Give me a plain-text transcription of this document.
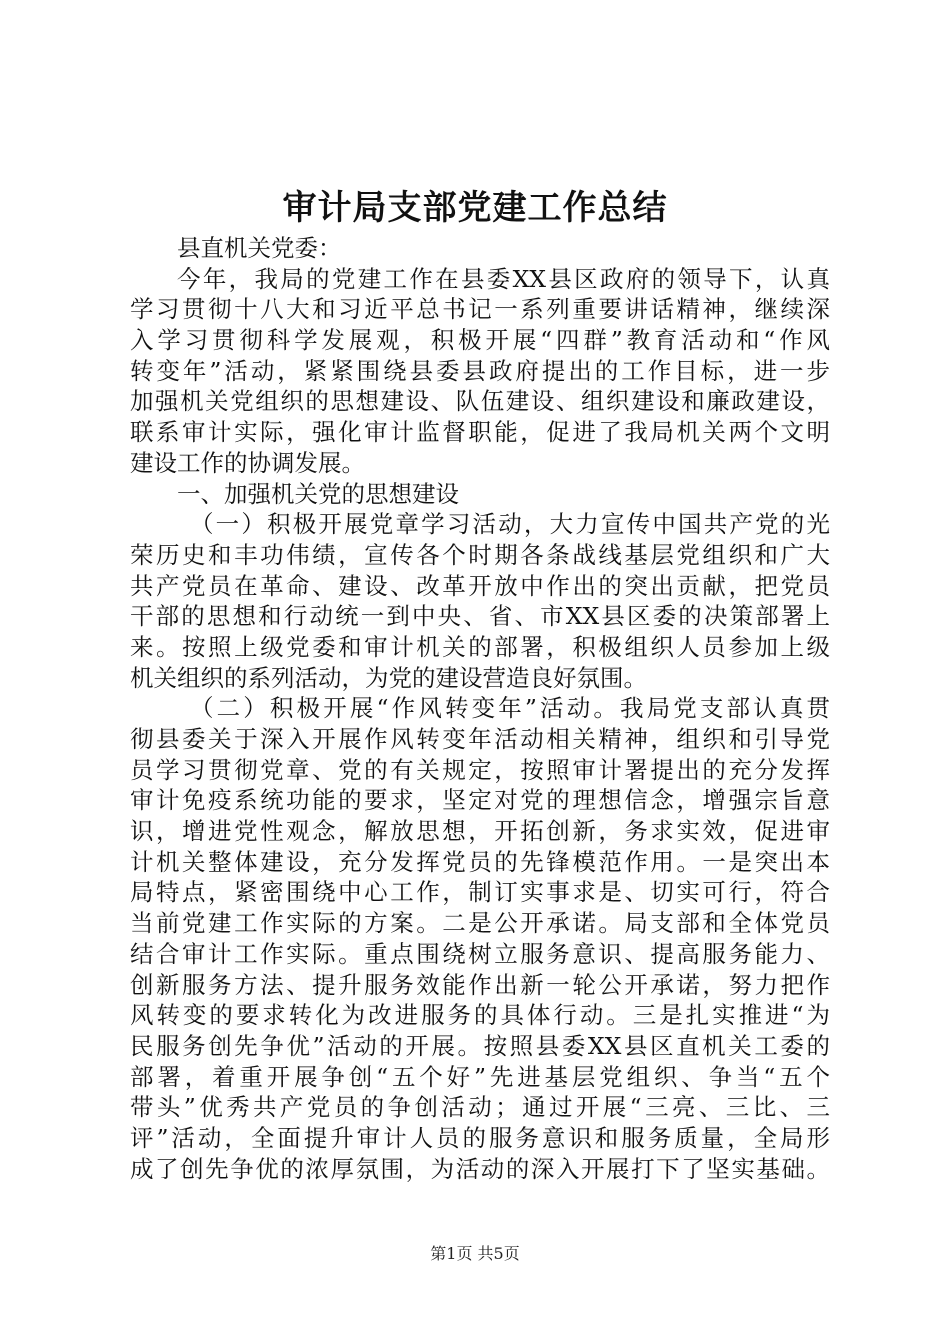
审计局支部党建工作总结

县直机关党委：

今年，我局的党建工作在县委XX县区政府的领导下，认真

学习贯彻十八大和习近平总书记一系列重要讲话精神，继续深

入学习贯彻科学发展观，积极开展“四群”教育活动和“作风

转变年”活动，紧紧围绕县委县政府提出的工作目标，进一步

加强机关党组织的思想建设、队伍建设、组织建设和廉政建设，

联系审计实际，强化审计监督职能，促进了我局机关两个文明

建设工作的协调发展。

一、加强机关党的思想建设

（一）积极开展党章学习活动，大力宣传中国共产党的光

荣历史和丰功伟绩，宣传各个时期各条战线基层党组织和广大

共产党员在革命、建设、改革开放中作出的突出贡献，把党员

干部的思想和行动统一到中央、省、市XX县区委的决策部署上

来。按照上级党委和审计机关的部署，积极组织人员参加上级

机关组织的系列活动，为党的建设营造良好氛围。

（二）积极开展“作风转变年”活动。我局党支部认真贯

彻县委关于深入开展作风转变年活动相关精神，组织和引导党

员学习贯彻党章、党的有关规定，按照审计署提出的充分发挥

审计免疫系统功能的要求，坚定对党的理想信念，增强宗旨意

识，增进党性观念，解放思想，开拓创新，务求实效，促进审

计机关整体建设，充分发挥党员的先锋模范作用。一是突出本

局特点，紧密围绕中心工作，制订实事求是、切实可行，符合

当前党建工作实际的方案。二是公开承诺。局支部和全体党员

结合审计工作实际。重点围绕树立服务意识、提高服务能力、

创新服务方法、提升服务效能作出新一轮公开承诺，努力把作

风转变的要求转化为改进服务的具体行动。三是扎实推进“为

民服务创先争优”活动的开展。按照县委XX县区直机关工委的

部署，着重开展争创“五个好”先进基层党组织、争当“五个

带头”优秀共产党员的争创活动；通过开展“三亮、三比、三

评”活动，全面提升审计人员的服务意识和服务质量，全局形

成了创先争优的浓厚氛围，为活动的深入开展打下了坚实基础。

第1页 共5页
